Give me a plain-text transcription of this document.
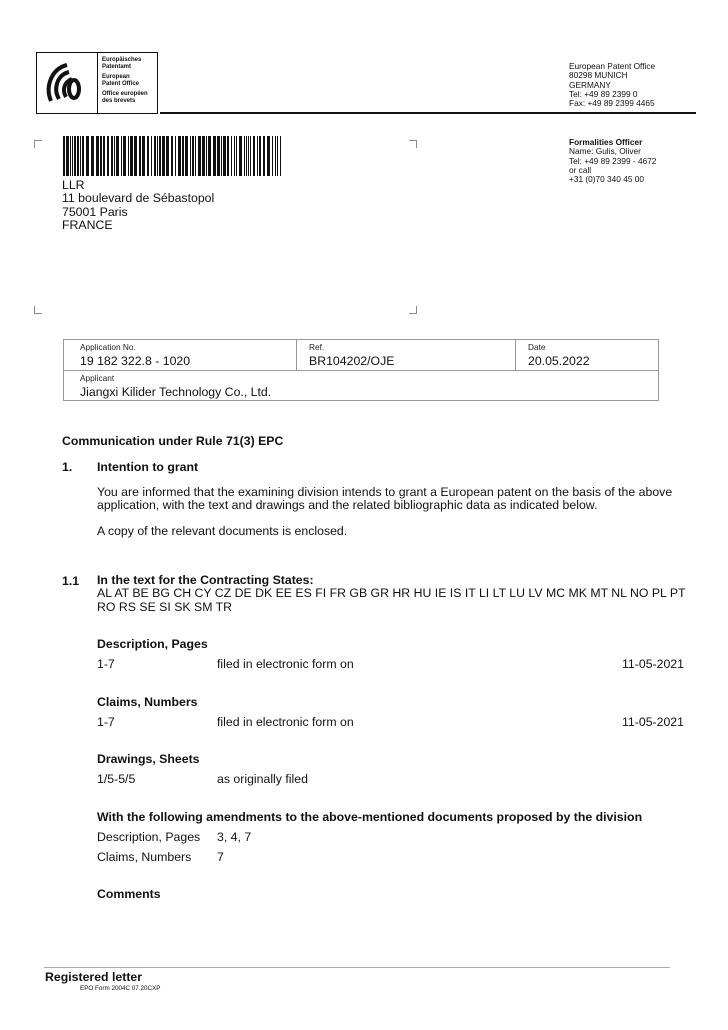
Europäisches
Patentamt
European
Patent Office
Office européen
des brevets
European Patent Office
80298 MUNICH
GERMANY
Tel: +49 89 2399 0
Fax: +49 89 2399 4465
Formalities Officer
Name: Gulis, Oliver
Tel: +49 89 2399 - 4672
or call
+31 (0)70 340 45 00
LLR
11 boulevard de Sébastopol
75001 Paris
FRANCE
Application No.
19 182 322.8 - 1020
Ref.
BR104202/OJE
Date
20.05.2022
Applicant
Jiangxi Kilider Technology Co., Ltd.
Communication under Rule 71(3) EPC
1. Intention to grant
You are informed that the examining division intends to grant a European patent on the basis of the above
application, with the text and drawings and the related bibliographic data as indicated below.
A copy of the relevant documents is enclosed.
1.1 In the text for the Contracting States:
AL AT BE BG CH CY CZ DE DK EE ES FI FR GB GR HR HU IE IS IT LI LT LU LV MC MK MT NL NO PL PT
RO RS SE SI SK SM TR
Description, Pages
1-7	filed in electronic form on	11-05-2021
Claims, Numbers
1-7	filed in electronic form on	11-05-2021
Drawings, Sheets
1/5-5/5	as originally filed
With the following amendments to the above-mentioned documents proposed by the division
Description, Pages 3, 4, 7
Claims, Numbers 7
Comments
Registered letter
EPO Form 2004C 07.20CXP
